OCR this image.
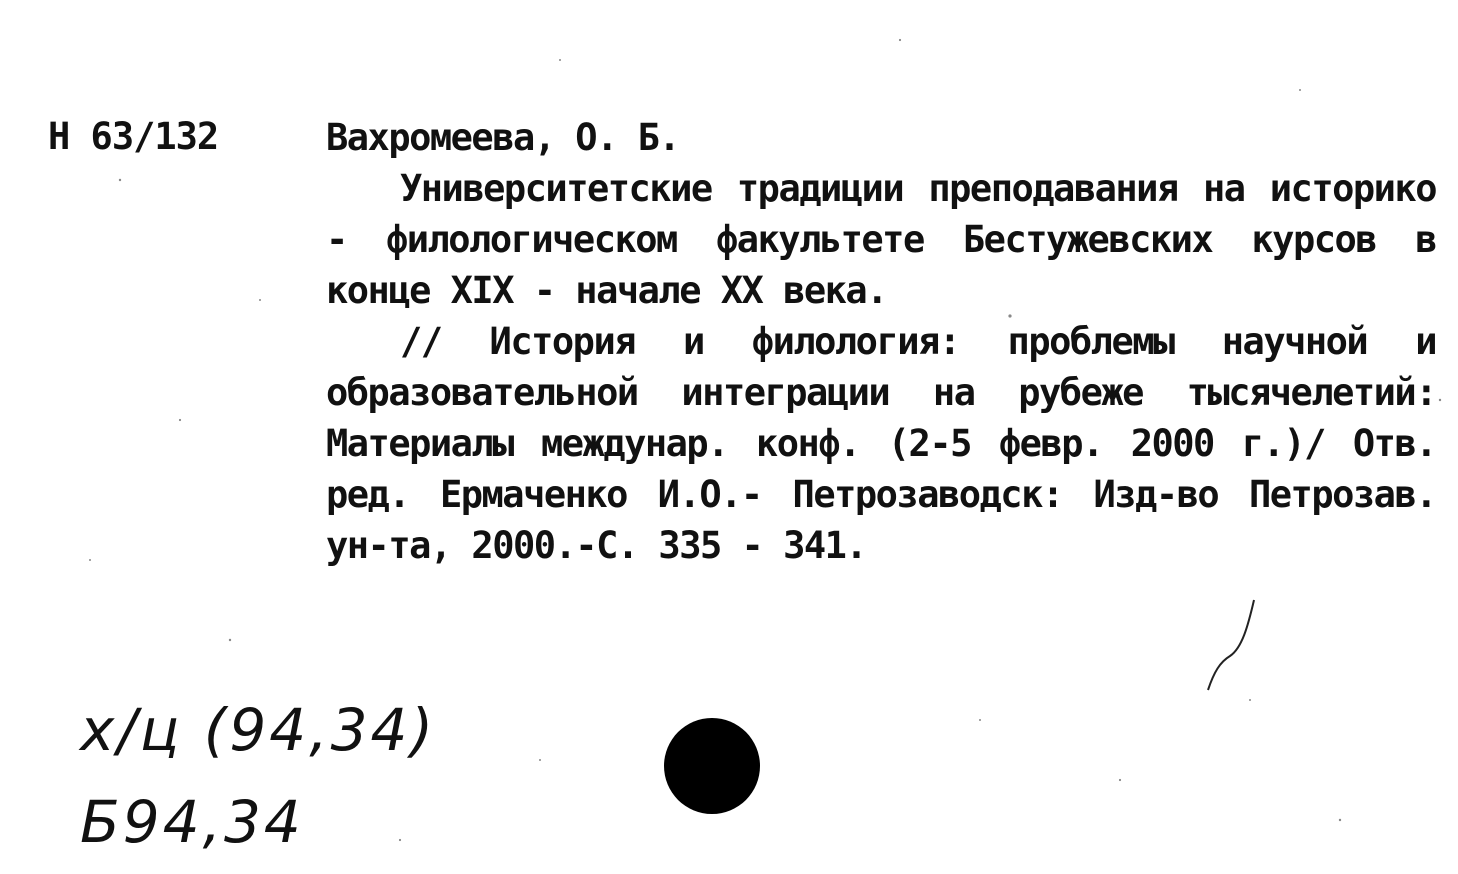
Н 63/132	Вахромеева, О. Б.

Университетские традиции преподавания на историко - филологическом факультете Бестужевских курсов в конце XIX - начале XX века.

// История и филология: проблемы научной и образовательной интеграции на рубеже тысячелетий: Материалы междунар. конф. (2-5 февр. 2000 г.)/ Отв. ред. Ермаченко И.О.- Петрозаводск: Изд-во Петрозав. ун-та, 2000.-С. 335 - 341.

х/ц (94,34)
Б94,34
